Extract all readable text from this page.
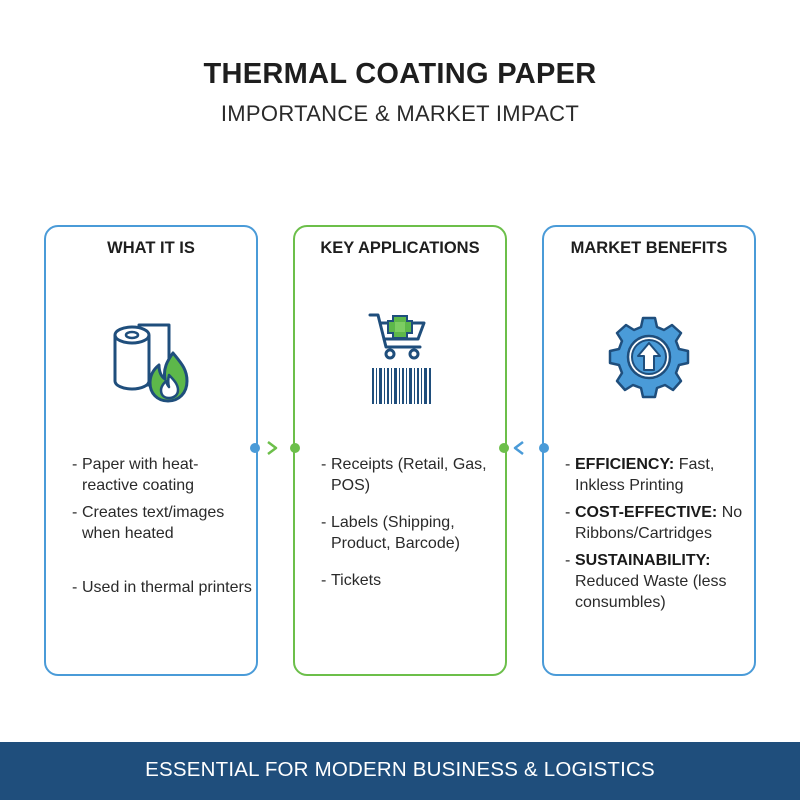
THERMAL COATING PAPER
IMPORTANCE & MARKET IMPACT
WHAT IT IS
- Paper with heat-reactive coating
- Creates text/images when heated
- Used in thermal printers
KEY APPLICATIONS
- Receipts (Retail, Gas, POS)
- Labels (Shipping, Product, Barcode)
- Tickets
MARKET BENEFITS
- EFFICIENCY: Fast, Inkless Printing
- COST-EFFECTIVE: No Ribbons/Cartridges
- SUSTAINABILITY:
Reduced Waste (less consumbles)
ESSENTIAL FOR MODERN BUSINESS & LOGISTICS
